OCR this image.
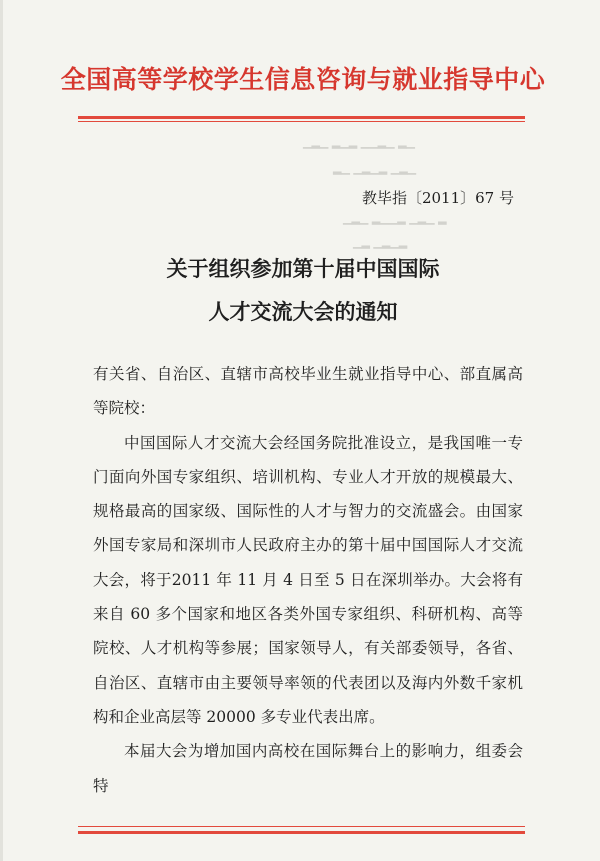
▁▂▁ ▂▁▂ ▁▁▂▁ ▂▁
▂▁ ▁▂▁▂ ▁▂▁
▁▂▁ ▂▁▁▂ ▁▂▁ ▂
▁▂ ▁▂▁▂
全国高等学校学生信息咨询与就业指导中心
教毕指〔2011〕67 号
关于组织参加第十届中国国际
人才交流大会的通知

有关省、自治区、直辖市高校毕业生就业指导中心、部直属高等院校：

中国国际人才交流大会经国务院批准设立，是我国唯一专门面向外国专家组织、培训机构、专业人才开放的规模最大、规格最高的国家级、国际性的人才与智力的交流盛会。由国家外国专家局和深圳市人民政府主办的第十届中国国际人才交流大会，将于2011 年 11 月 4 日至 5 日在深圳举办。大会将有来自 60 多个国家和地区各类外国专家组织、科研机构、高等院校、人才机构等参展；国家领导人，有关部委领导，各省、自治区、直辖市由主要领导率领的代表团以及海内外数千家机构和企业高层等 20000 多专业代表出席。

本届大会为增加国内高校在国际舞台上的影响力，组委会特
